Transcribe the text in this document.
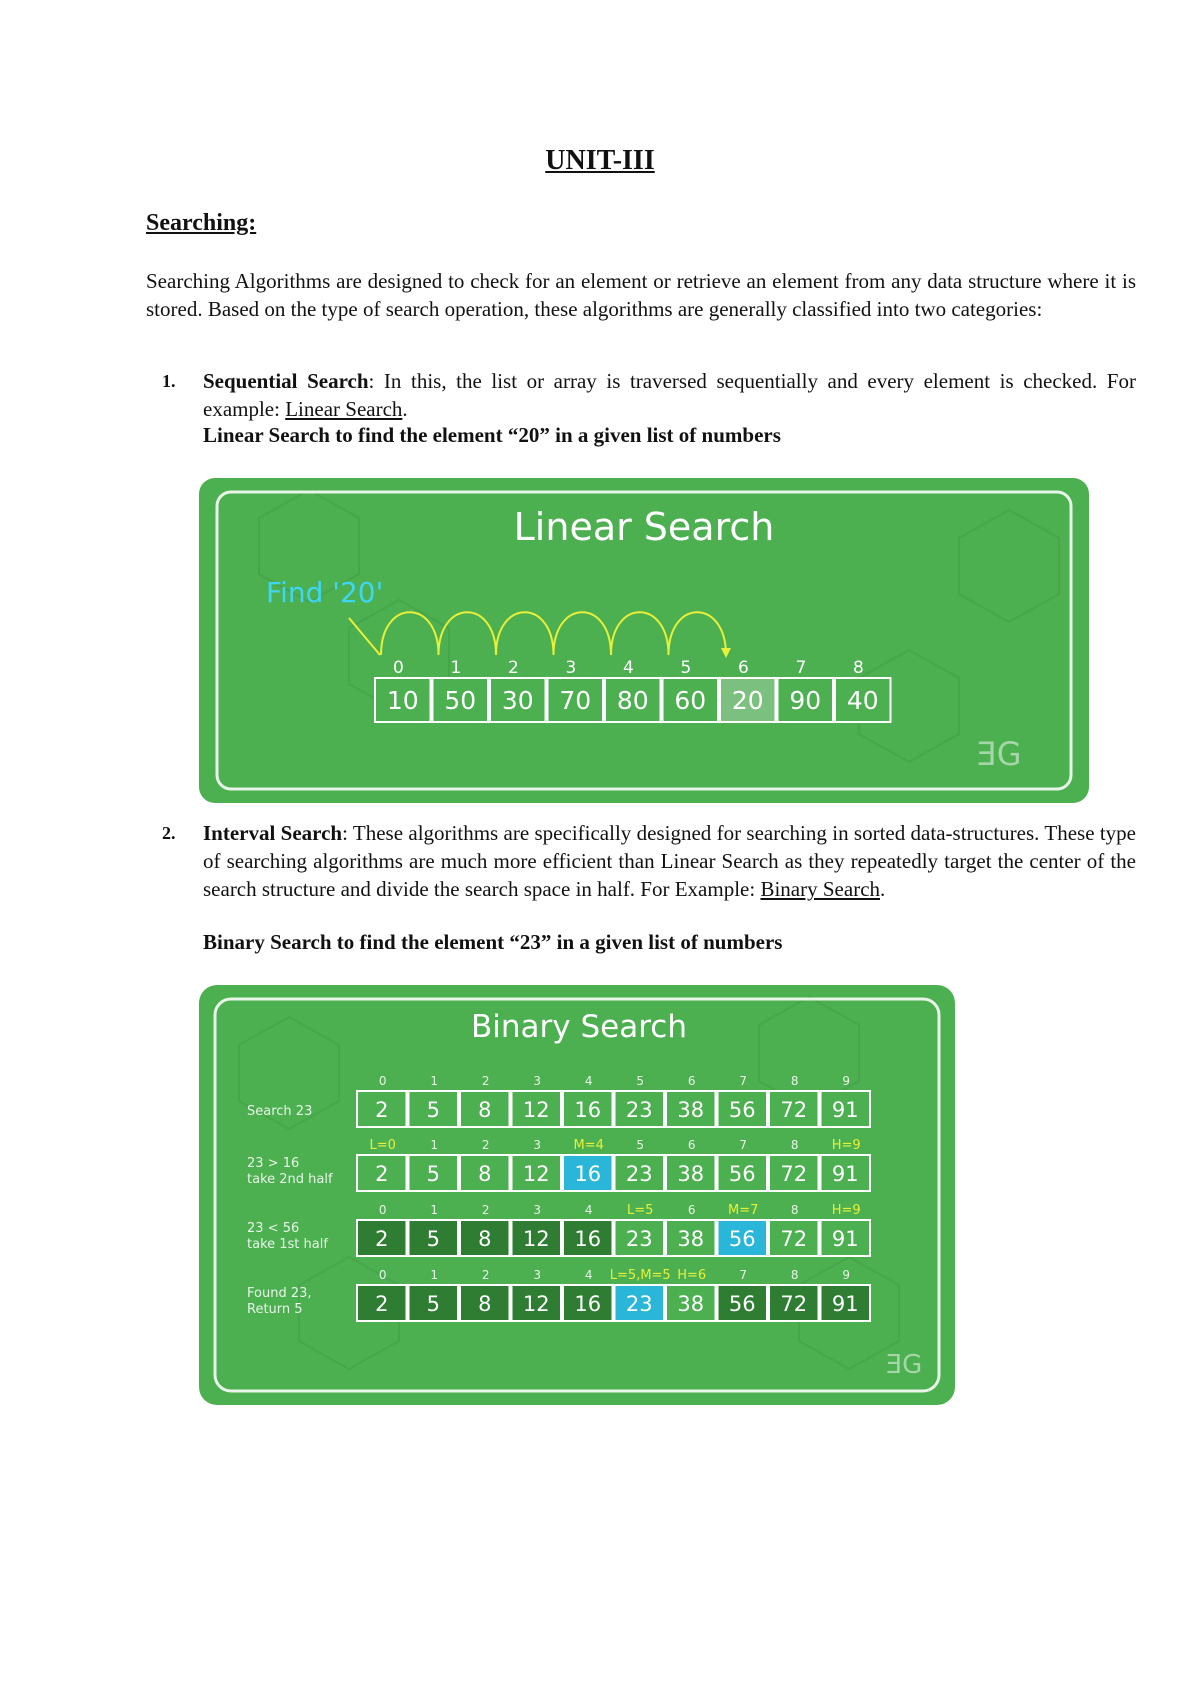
UNIT-III
Searching:
Searching Algorithms are designed to check for an element or retrieve an element from any data structure where it is stored. Based on the type of search operation, these algorithms are generally classified into two categories:
1. Sequential Search: In this, the list or array is traversed sequentially and every element is checked. For example: Linear Search.
Linear Search to find the element “20” in a given list of numbers
Linear Search
Find '20'
0
10
1
50
2
30
3
70
4
80
5
60
6
20
7
90
8
40
ƎG
2. Interval Search: These algorithms are specifically designed for searching in sorted data-structures. These type of searching algorithms are much more efficient than Linear Search as they repeatedly target the center of the search structure and divide the search space in half. For Example: Binary Search.
Binary Search to find the element “23” in a given list of numbers
Binary Search
Search 23
0
2
1
5
2
8
3
12
4
16
5
23
6
38
7
56
8
72
9
91
23 > 16
take 2nd half
L=0
2
1
5
2
8
3
12
M=4
16
5
23
6
38
7
56
8
72
H=9
91
23 < 56
take 1st half
0
2
1
5
2
8
3
12
4
16
L=5
23
6
38
M=7
56
8
72
H=9
91
Found 23,
Return 5
0
2
1
5
2
8
3
12
4
16
L=5,M=5
23
H=6
38
7
56
8
72
9
91
ƎG
